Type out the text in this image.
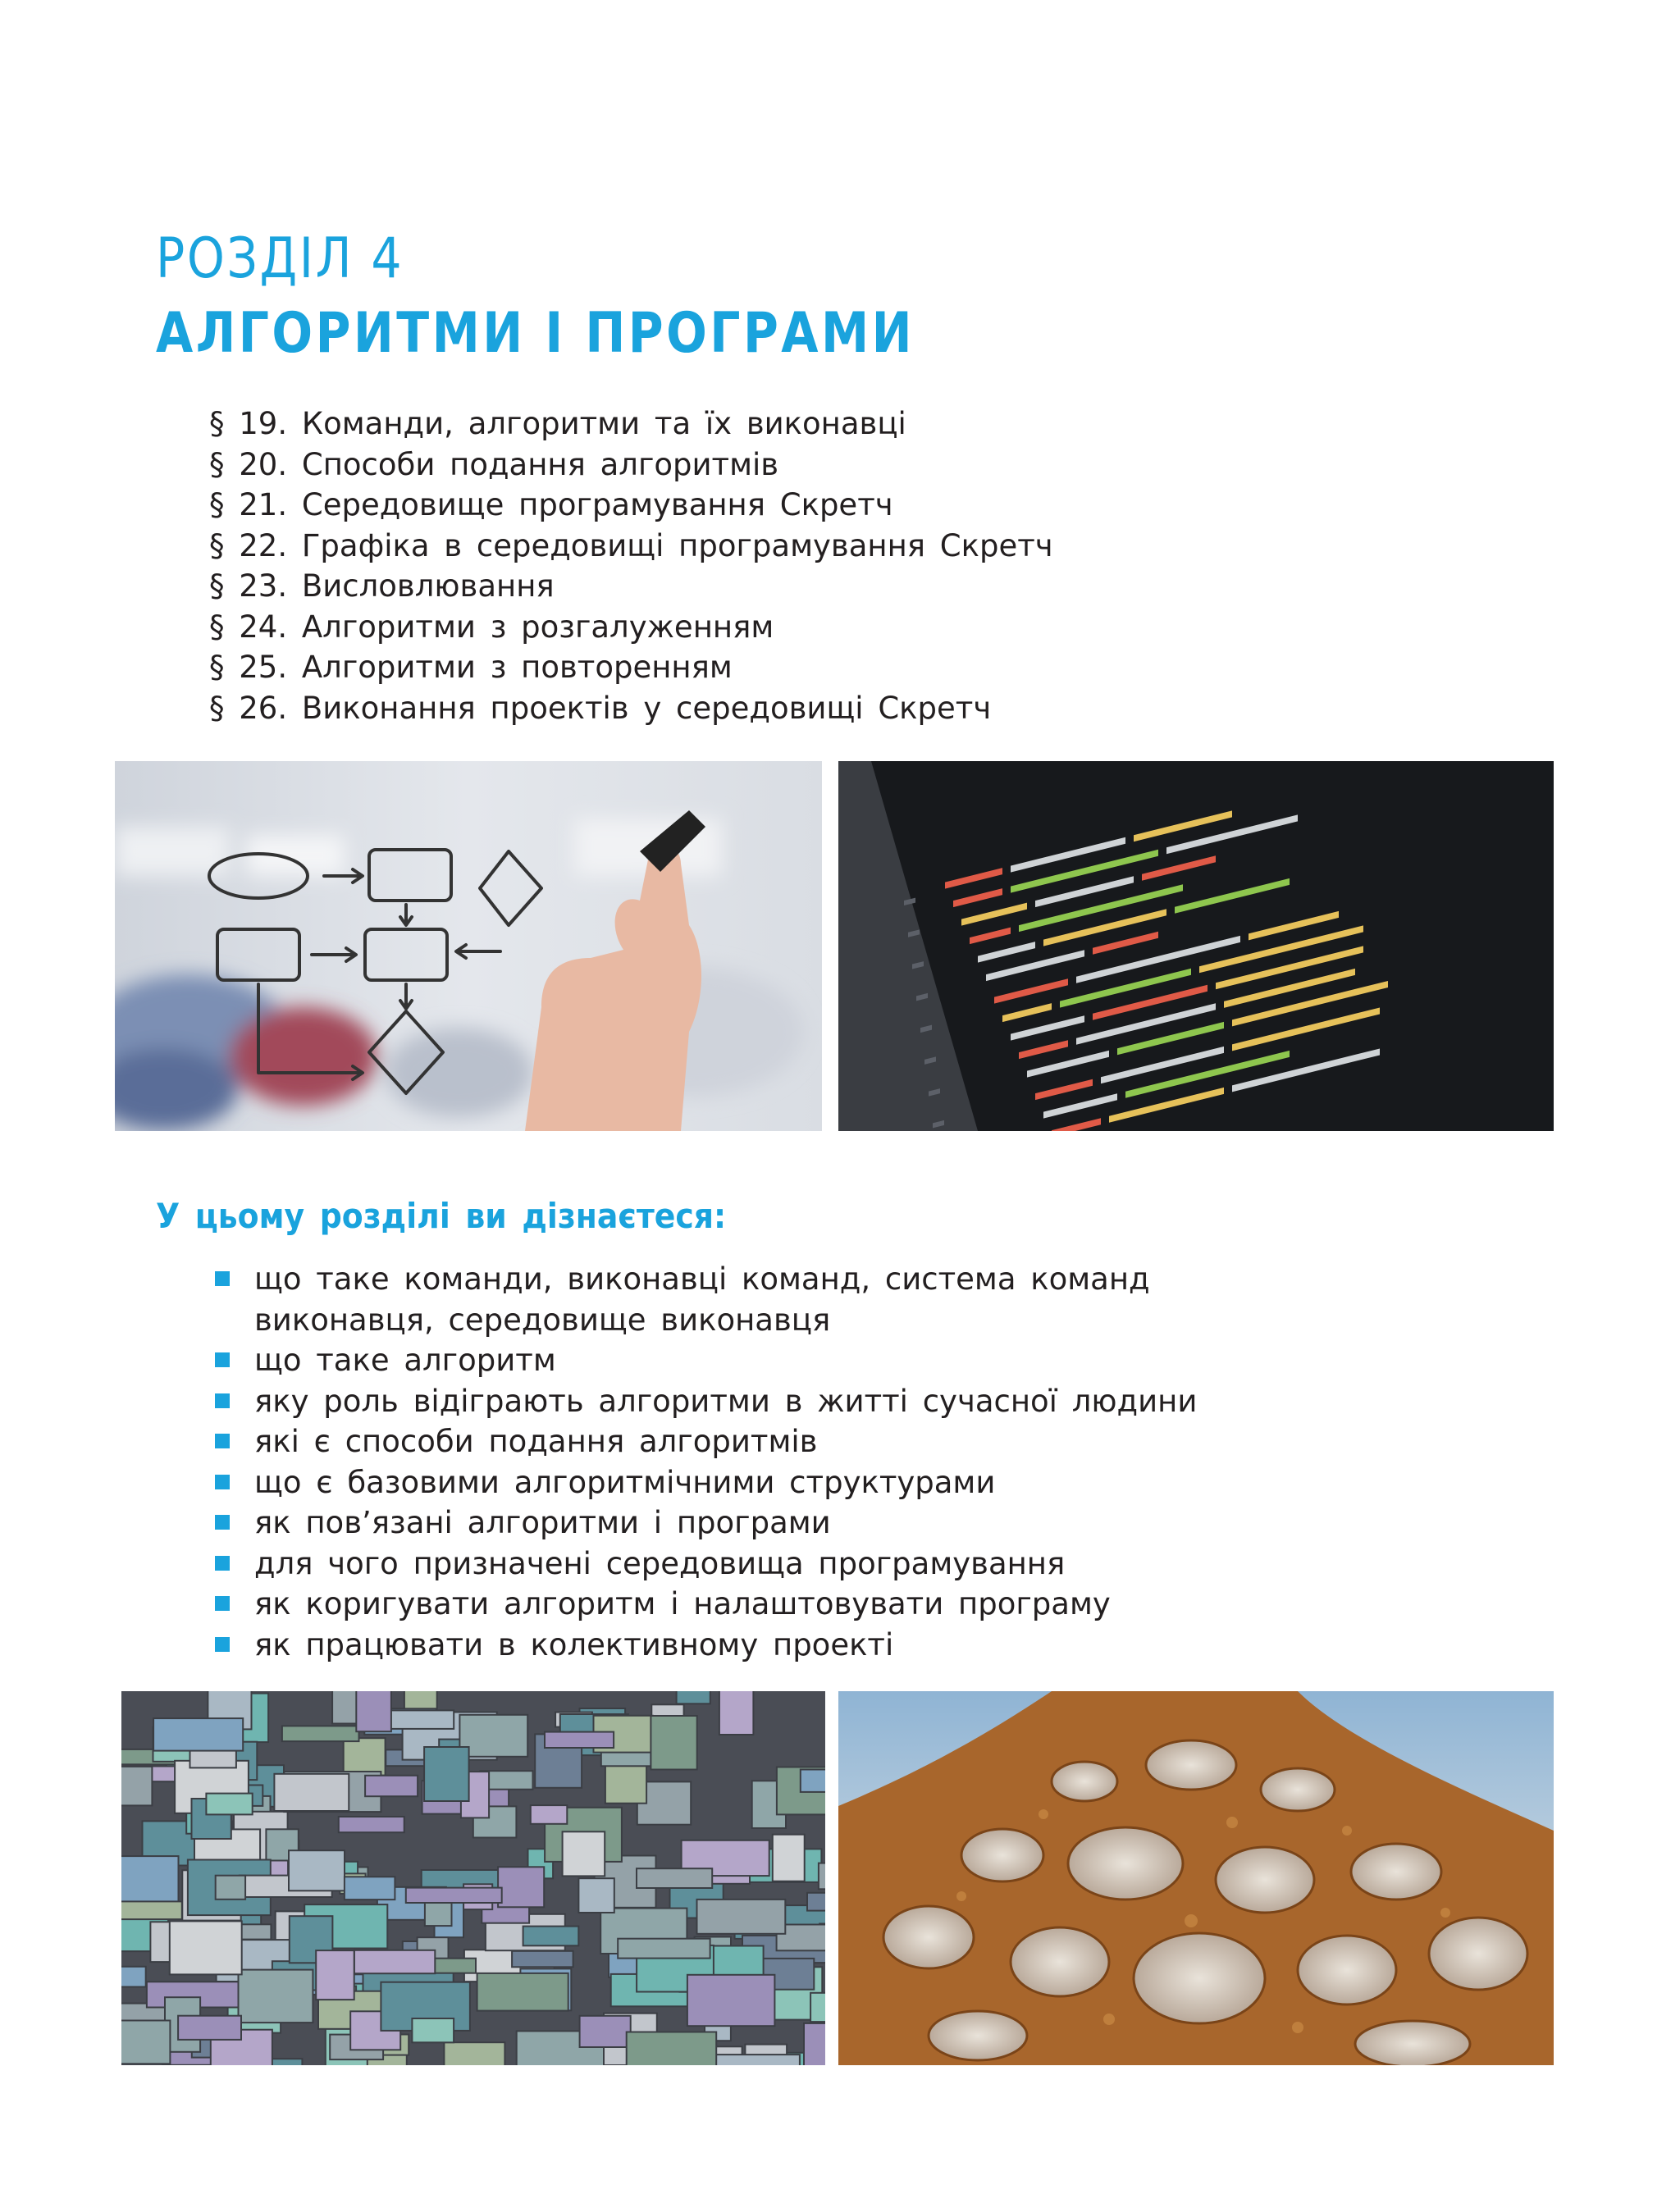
РОЗДІЛ 4
АЛГОРИТМИ І ПРОГРАМИ
§ 19. Команди, алгоритми та їх виконавці
§ 20. Способи подання алгоритмів
§ 21. Середовище програмування Скретч
§ 22. Графіка в середовищі програмування Скретч
§ 23. Висловлювання
§ 24. Алгоритми з розгалуженням
§ 25. Алгоритми з повторенням
§ 26. Виконання проектів у середовищі Скретч
У цьому розділі ви дізнаєтеся:
що таке команди, виконавці команд, система команд виконавця, середовище виконавця
що таке алгоритм
яку роль відіграють алгоритми в житті сучасної людини
які є способи подання алгоритмів
що є базовими алгоритмічними структурами
як пов’язані алгоритми і програми
для чого призначені середовища програмування
як коригувати алгоритм і налаштовувати програму
як працювати в колективному проекті
